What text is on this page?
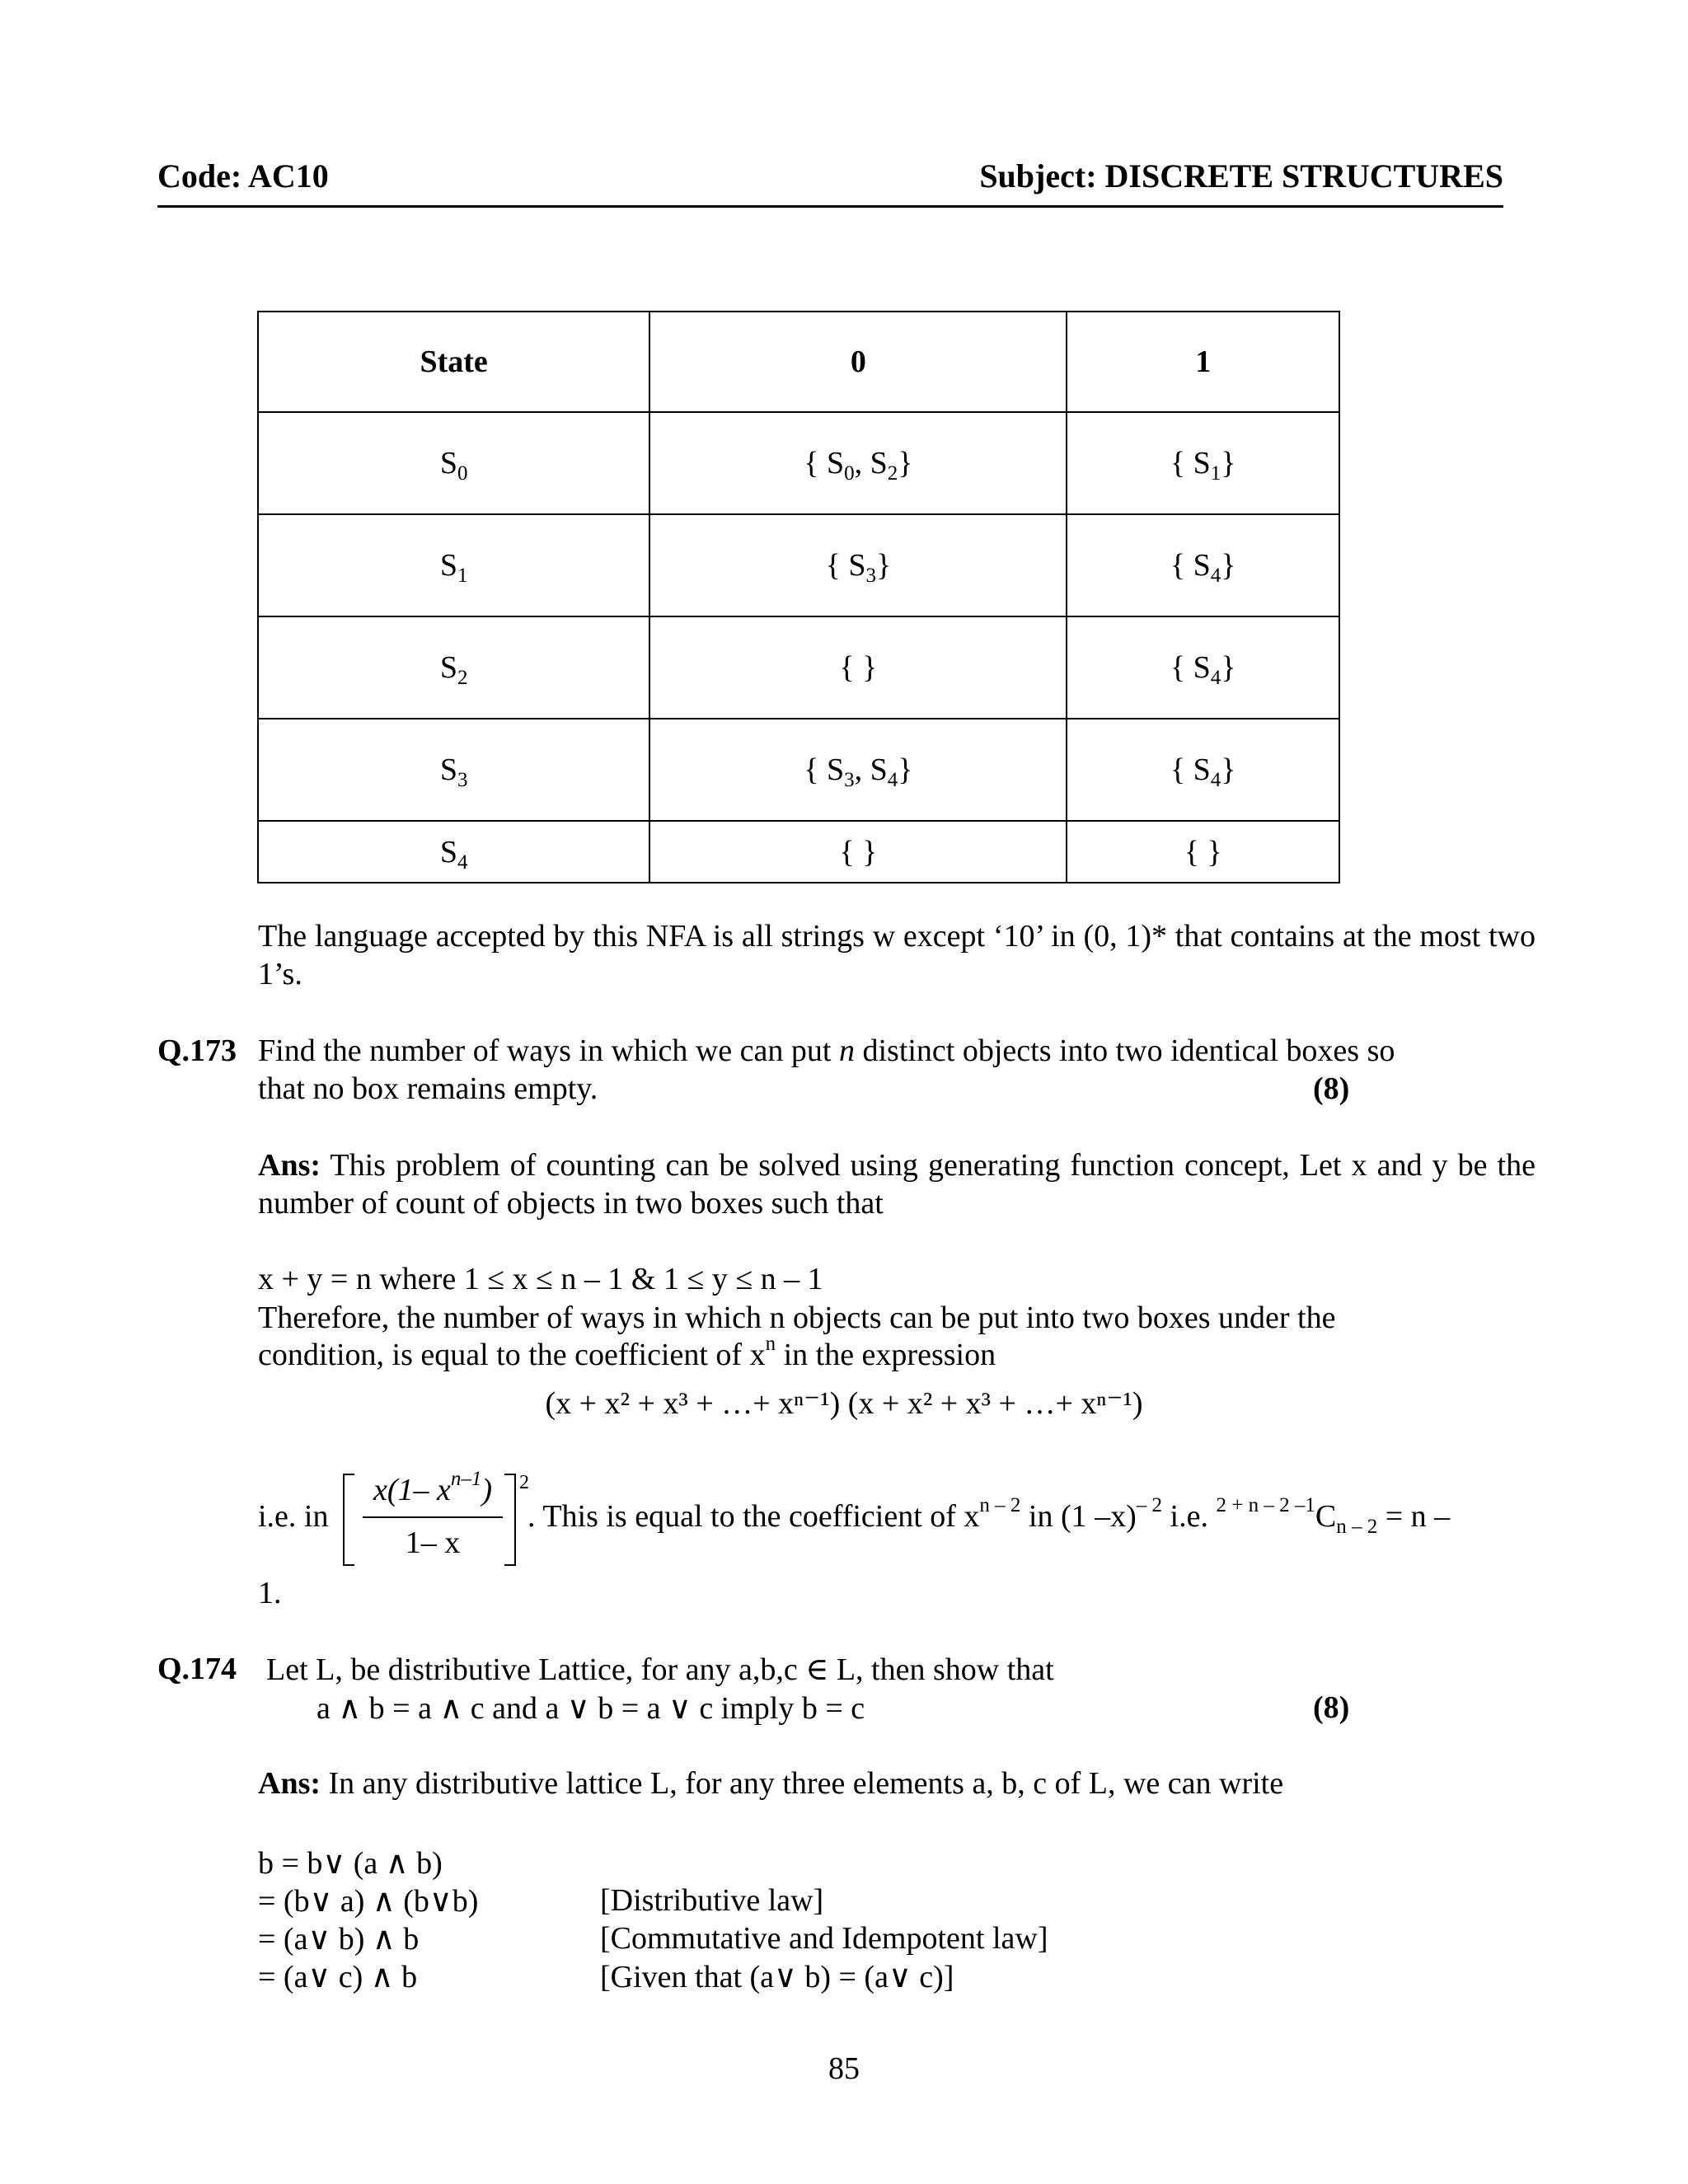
Code: AC10	Subject: DISCRETE STRUCTURES
State	0	1
$S_0$	{ $S_0$, $S_2$}	{ $S_1$}
$S_1$	{ $S_3$}	{ $S_4$}
$S_2$	{ }	{ $S_4$}
$S_3$	{ $S_3$, $S_4$}	{ $S_4$}
$S_4$	{ }	{ }
The language accepted by this NFA is all strings w except ‘10’ in (0, 1)* that contains at the most two 1’s.
Q.173 Find the number of ways in which we can put n distinct objects into two identical boxes so
that no box remains empty.	(8)
Ans: This problem of counting can be solved using generating function concept, Let x and y be the number of count of objects in two boxes such that
x + y = n where 1 ≤ x ≤ n – 1 & 1 ≤ y ≤ n – 1
Therefore, the number of ways in which n objects can be put into two boxes under the
condition, is equal to the coefficient of $x^n$ in the expression
(x + x² + x³ + …+ xⁿ⁻¹) (x + x² + x³ + …+ xⁿ⁻¹)
i.e. in
x(1– $x^{n-1}$)
1– x
2
. This is equal to the coefficient of $x^{n - 2}$ in (1 –x)$^{- 2}$ i.e. $^{2 + n - 2 -1}C_{n - 2} = n$ –
1.
Q.174 Let L, be distributive Lattice, for any a,b,c ∈ L, then show that
a ∧ b = a ∧ c and a ∨ b = a ∨ c imply b = c	(8)
Ans: In any distributive lattice L, for any three elements a, b, c of L, we can write
b = b∨ (a ∧ b)
= (b∨ a) ∧ (b∨b)	[Distributive law]
= (a∨ b) ∧ b	[Commutative and Idempotent law]
= (a∨ c) ∧ b	[Given that (a∨ b) = (a∨ c)]
85
